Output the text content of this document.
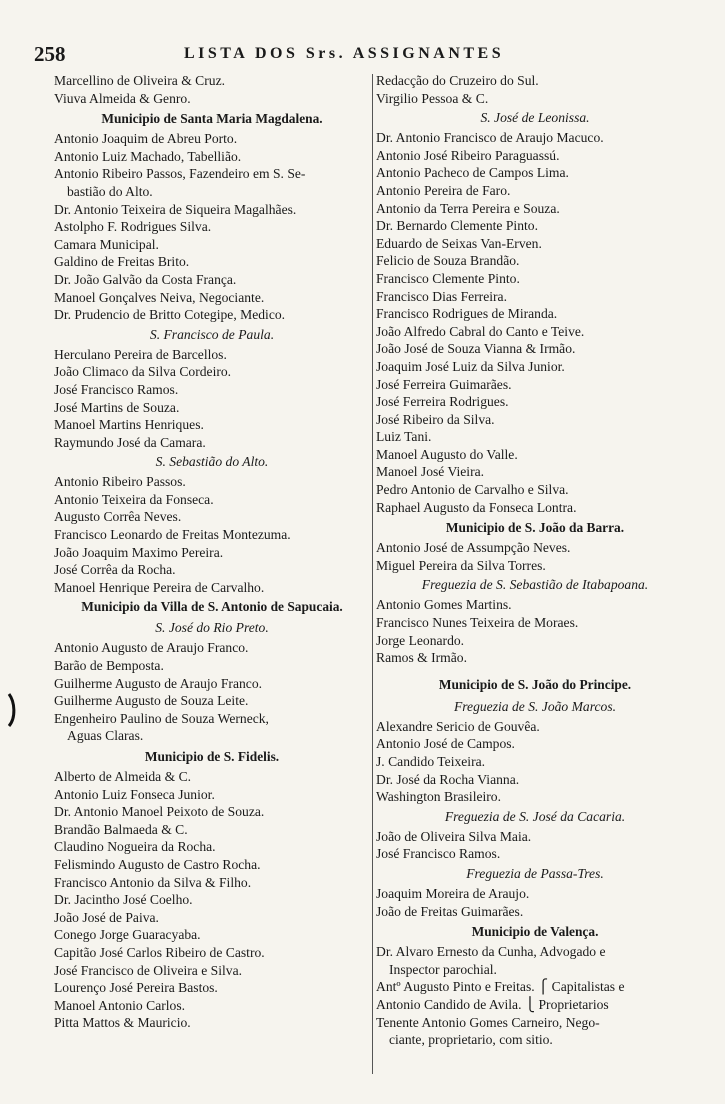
258	LISTA DOS Srs. ASSIGNANTES
Marcellino de Oliveira & Cruz.
Viuva Almeida & Genro.
Municipio de Santa Maria Magdalena.
Antonio Joaquim de Abreu Porto.
Antonio Luiz Machado, Tabellião.
Antonio Ribeiro Passos, Fazendeiro em S. Se-
bastião do Alto.
Dr. Antonio Teixeira de Siqueira Magalhães.
Astolpho F. Rodrigues Silva.
Camara Municipal.
Galdino de Freitas Brito.
Dr. João Galvão da Costa França.
Manoel Gonçalves Neiva, Negociante.
Dr. Prudencio de Britto Cotegipe, Medico.
S. Francisco de Paula.
Herculano Pereira de Barcellos.
João Climaco da Silva Cordeiro.
José Francisco Ramos.
José Martins de Souza.
Manoel Martins Henriques.
Raymundo José da Camara.
S. Sebastião do Alto.
Antonio Ribeiro Passos.
Antonio Teixeira da Fonseca.
Augusto Corrêa Neves.
Francisco Leonardo de Freitas Montezuma.
João Joaquim Maximo Pereira.
José Corrêa da Rocha.
Manoel Henrique Pereira de Carvalho.
Municipio da Villa de S. Antonio de Sapucaia.
S. José do Rio Preto.
Antonio Augusto de Araujo Franco.
Barão de Bemposta.
Guilherme Augusto de Araujo Franco.
Guilherme Augusto de Souza Leite.
Engenheiro Paulino de Souza Werneck,
Aguas Claras.
Municipio de S. Fidelis.
Alberto de Almeida & C.
Antonio Luiz Fonseca Junior.
Dr. Antonio Manoel Peixoto de Souza.
Brandão Balmaeda & C.
Claudino Nogueira da Rocha.
Felismindo Augusto de Castro Rocha.
Francisco Antonio da Silva & Filho.
Dr. Jacintho José Coelho.
João José de Paiva.
Conego Jorge Guaracyaba.
Capitão José Carlos Ribeiro de Castro.
José Francisco de Oliveira e Silva.
Lourenço José Pereira Bastos.
Manoel Antonio Carlos.
Pitta Mattos & Mauricio.
Redacção do Cruzeiro do Sul.
Virgilio Pessoa & C.
S. José de Leonissa.
Dr. Antonio Francisco de Araujo Macuco.
Antonio José Ribeiro Paraguassú.
Antonio Pacheco de Campos Lima.
Antonio Pereira de Faro.
Antonio da Terra Pereira e Souza.
Dr. Bernardo Clemente Pinto.
Eduardo de Seixas Van-Erven.
Felicio de Souza Brandão.
Francisco Clemente Pinto.
Francisco Dias Ferreira.
Francisco Rodrigues de Miranda.
João Alfredo Cabral do Canto e Teive.
João José de Souza Vianna & Irmão.
Joaquim José Luiz da Silva Junior.
José Ferreira Guimarães.
José Ferreira Rodrigues.
José Ribeiro da Silva.
Luiz Tani.
Manoel Augusto do Valle.
Manoel José Vieira.
Pedro Antonio de Carvalho e Silva.
Raphael Augusto da Fonseca Lontra.
Municipio de S. João da Barra.
Antonio José de Assumpção Neves.
Miguel Pereira da Silva Torres.
Freguezia de S. Sebastião de Itabapoana.
Antonio Gomes Martins.
Francisco Nunes Teixeira de Moraes.
Jorge Leonardo.
Ramos & Irmão.
Municipio de S. João do Principe.
Freguezia de S. João Marcos.
Alexandre Sericio de Gouvêa.
Antonio José de Campos.
J. Candido Teixeira.
Dr. José da Rocha Vianna.
Washington Brasileiro.
Freguezia de S. José da Cacaria.
João de Oliveira Silva Maia.
José Francisco Ramos.
Freguezia de Passa-Tres.
Joaquim Moreira de Araujo.
João de Freitas Guimarães.
Municipio de Valença.
Dr. Alvaro Ernesto da Cunha, Advogado e
Inspector parochial.
Antº Augusto Pinto e Freitas. ⎧ Capitalistas e
Antonio Candido de Avila. ⎩ Proprietarios
Tenente Antonio Gomes Carneiro, Nego-
ciante, proprietario, com sitio.
